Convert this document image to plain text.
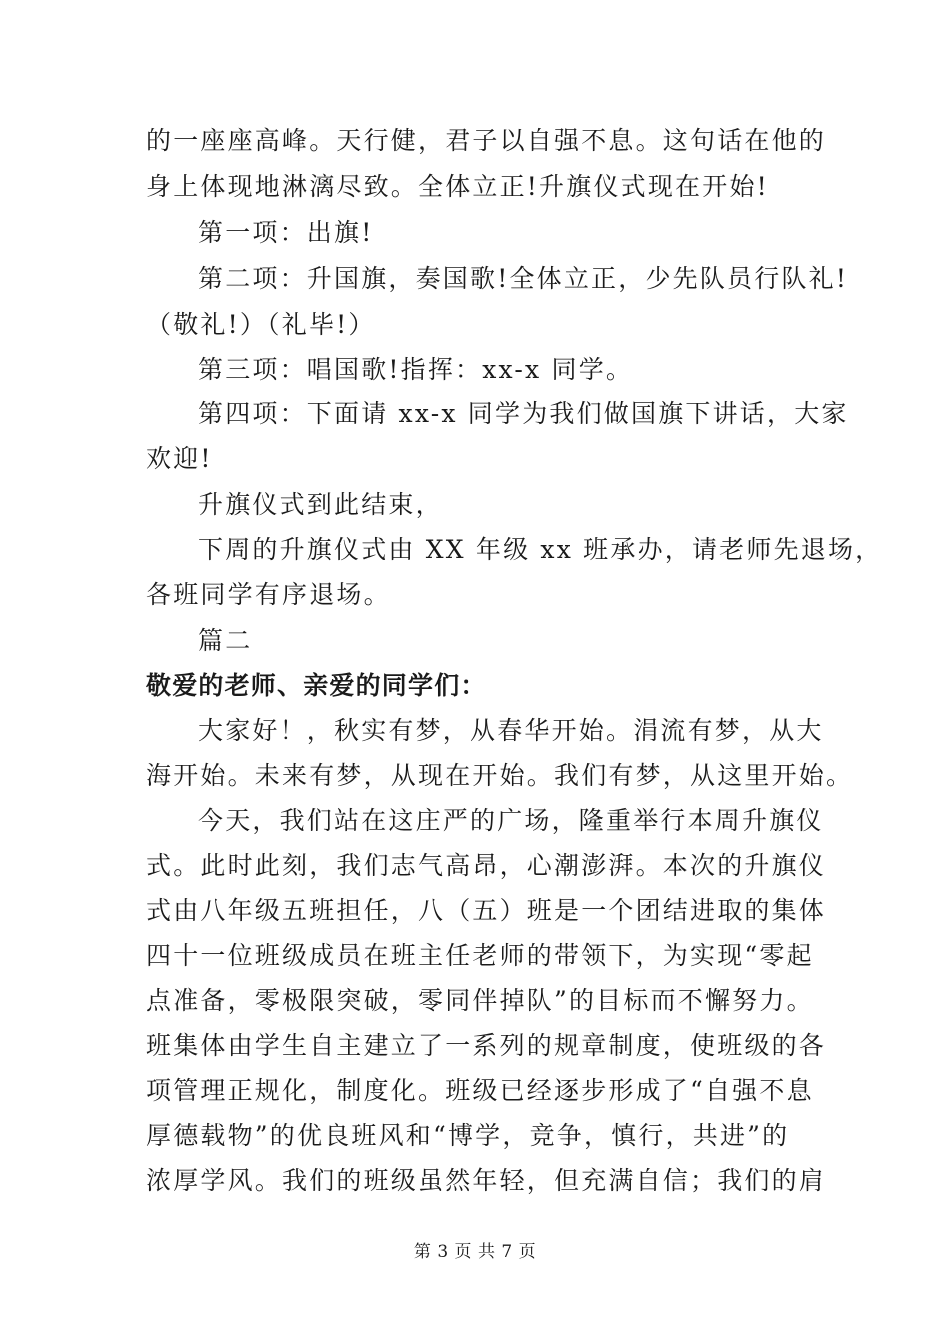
的一座座高峰。天行健，君子以自强不息。这句话在他的
身上体现地淋漓尽致。全体立正!升旗仪式现在开始!
第一项：出旗!
第二项：升国旗，奏国歌!全体立正，少先队员行队礼!
（敬礼!）（礼毕!）
第三项：唱国歌!指挥：xx-x 同学。
第四项：下面请 xx-x 同学为我们做国旗下讲话，大家
欢迎!
升旗仪式到此结束，
下周的升旗仪式由 XX 年级 xx 班承办，请老师先退场，
各班同学有序退场。
篇二
敬爱的老师、亲爱的同学们：
大家好！，秋实有梦，从春华开始。涓流有梦，从大
海开始。未来有梦，从现在开始。我们有梦，从这里开始。
今天，我们站在这庄严的广场，隆重举行本周升旗仪
式。此时此刻，我们志气高昂，心潮澎湃。本次的升旗仪
式由八年级五班担任，八（五）班是一个团结进取的集体
四十一位班级成员在班主任老师的带领下，为实现“零起
点准备，零极限突破，零同伴掉队”的目标而不懈努力。
班集体由学生自主建立了一系列的规章制度，使班级的各
项管理正规化，制度化。班级已经逐步形成了“自强不息
厚德载物”的优良班风和“博学，竞争，慎行，共进”的
浓厚学风。我们的班级虽然年轻，但充满自信；我们的肩
第 3 页 共 7 页
